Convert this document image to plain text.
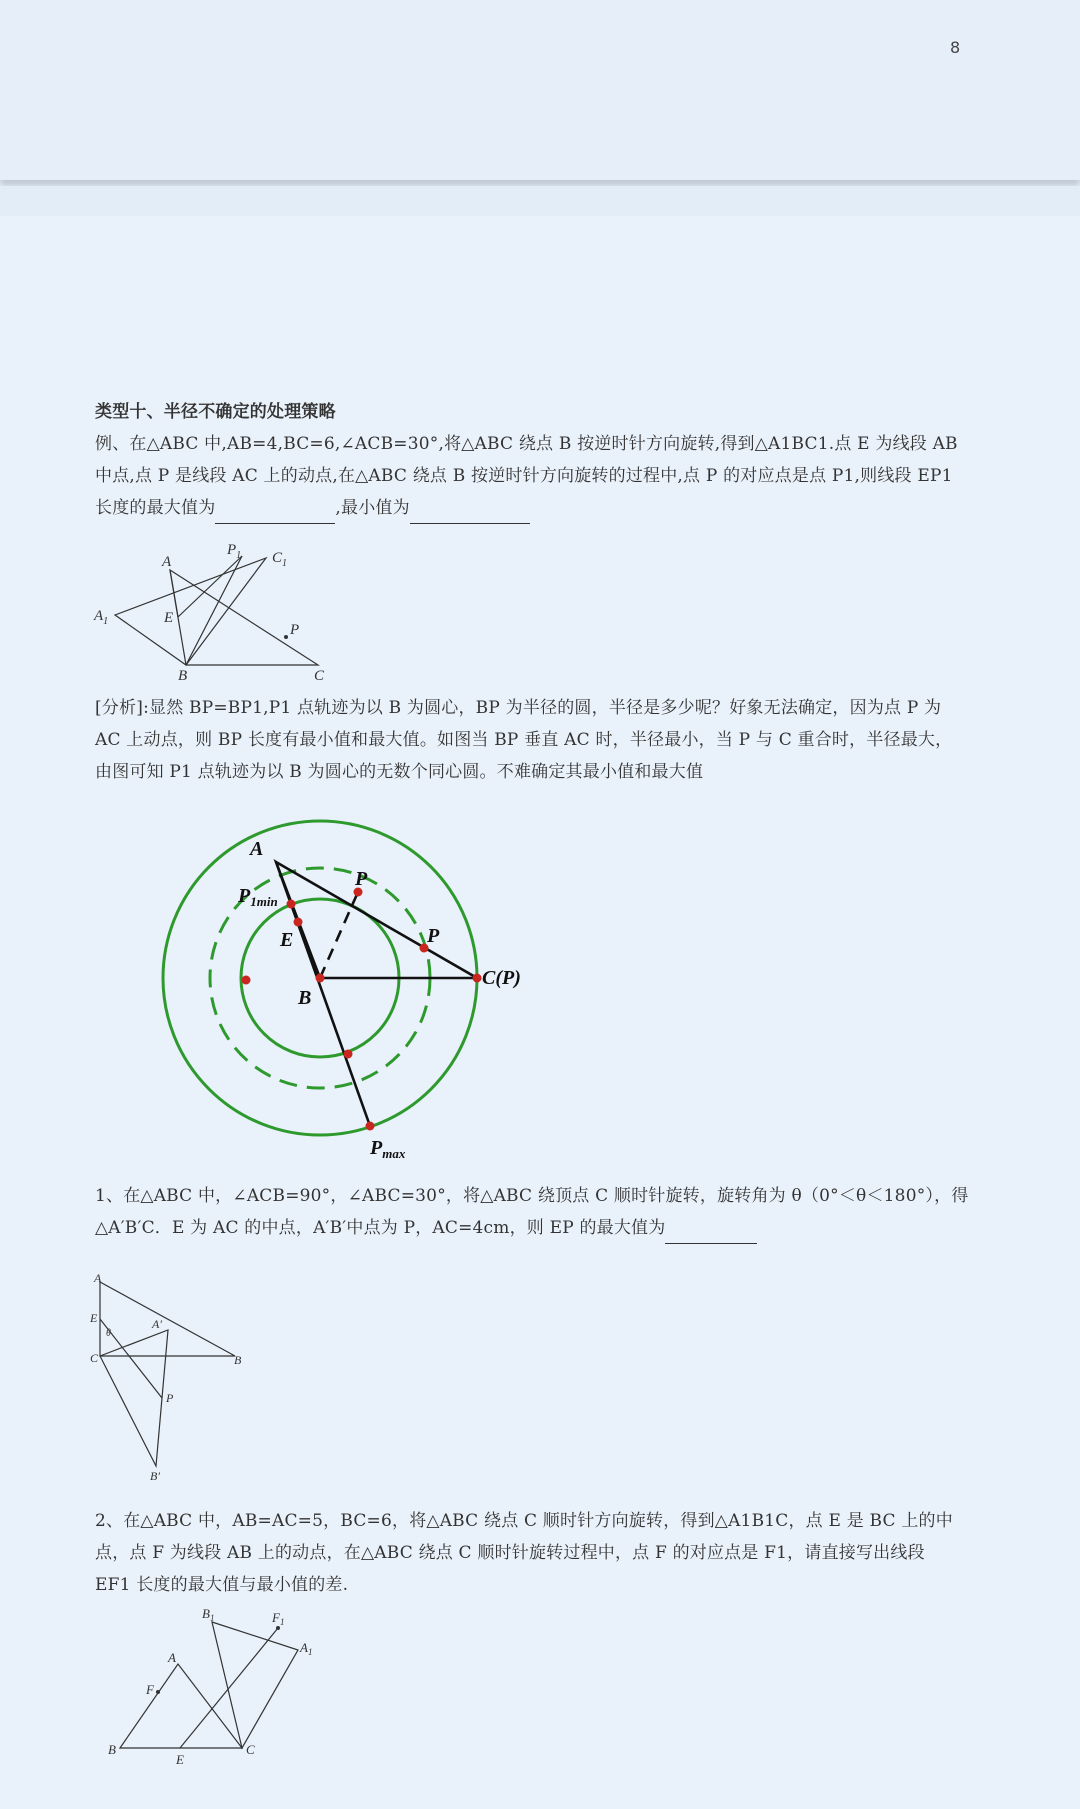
8
类型十、半径不确定的处理策略
例、在△ABC 中,AB=4,BC=6,∠ACB=30°,将△ABC 绕点 B 按逆时针方向旋转,得到△A1BC1.点 E 为线段 AB 中点,点 P 是线段 AC 上的动点,在△ABC 绕点 B 按逆时针方向旋转的过程中,点 P 的对应点是点 P1,则线段 EP1 长度的最大值为	,最小值为
A
$P_1$ $C_1$
$A_1$	E
P
B	C
[分析]:显然 BP=BP1,P1 点轨迹为以 B 为圆心，BP 为半径的圆，半径是多少呢？好象无法确定，因为点 P 为 AC 上动点，则 BP 长度有最小值和最大值。如图当 BP 垂直 AC 时，半径最小，当 P 与 C 重合时，半径最大，由图可知 P1 点轨迹为以 B 为圆心的无数个同心圆。不难确定其最小值和最大值
A
$P_{1min}$
P
P
E
B
C(P)
$P_{max}$
1、在△ABC 中，∠ACB=90°，∠ABC=30°，将△ABC 绕顶点 C 顺时针旋转，旋转角为 θ（0°＜θ＜180°），得△A′B′C．E 为 AC 的中点，A′B′中点为 P，AC=4cm，则 EP 的最大值为
A
E
θ
A′
C	B
P
B′
2、在△ABC 中，AB=AC=5，BC=6，将△ABC 绕点 C 顺时针方向旋转，得到△A1B1C，点 E 是 BC 上的中点，点 F 为线段 AB 上的动点，在△ABC 绕点 C 顺时针旋转过程中，点 F 的对应点是 F1，请直接写出线段 EF1 长度的最大值与最小值的差.
$B_1$	$F_1$
$A_1$
A
F
B
E
C
